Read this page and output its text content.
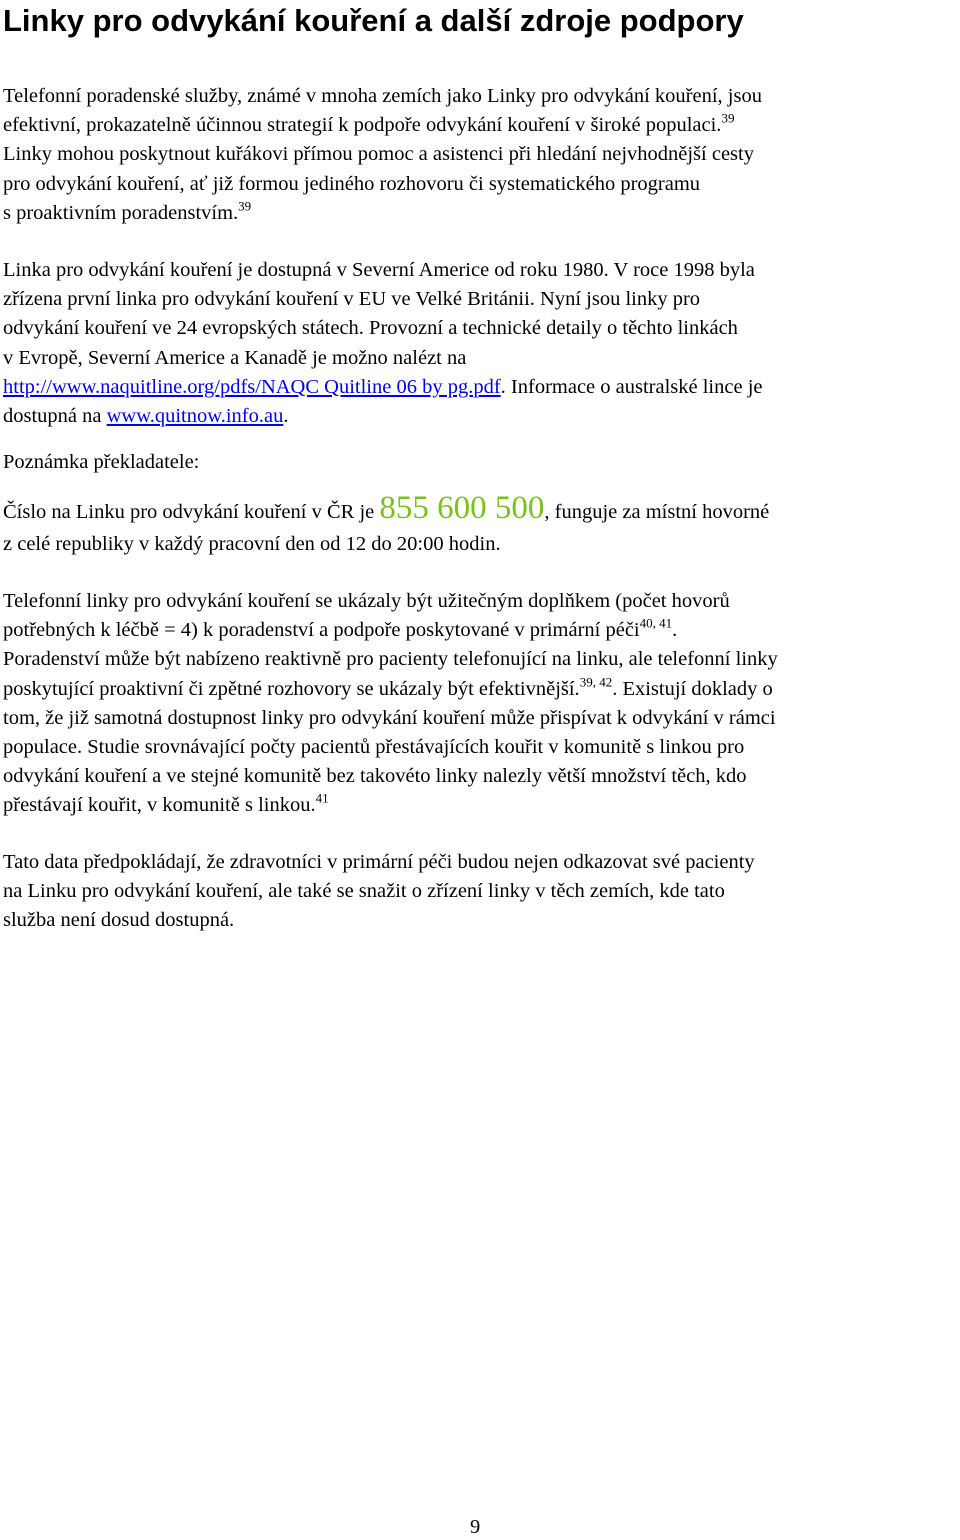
Linky pro odvykání kouření a další zdroje podpory
Telefonní poradenské služby, známé v mnoha zemích jako Linky pro odvykání kouření, jsou
efektivní, prokazatelně účinnou strategií k podpoře odvykání kouření v široké populaci.$^{39}$
Linky mohou poskytnout kuřákovi přímou pomoc a asistenci při hledání nejvhodnější cesty
pro odvykání kouření, ať již formou jediného rozhovoru či systematického programu
s proaktivním poradenstvím.$^{39}$
Linka pro odvykání kouření je dostupná v Severní Americe od roku 1980. V roce 1998 byla
zřízena první linka pro odvykání kouření v EU ve Velké Británii. Nyní jsou linky pro
odvykání kouření ve 24 evropských státech. Provozní a technické detaily o těchto linkách
v Evropě, Severní Americe a Kanadě je možno nalézt na
http://www.naquitline.org/pdfs/NAQC Quitline 06 by pg.pdf. Informace o australské lince je
dostupná na www.quitnow.info.au.
Poznámka překladatele:
Číslo na Linku pro odvykání kouření v ČR je 855 600 500, funguje za místní hovorné
z celé republiky v každý pracovní den od 12 do 20:00 hodin.
Telefonní linky pro odvykání kouření se ukázaly být užitečným doplňkem (počet hovorů
potřebných k léčbě = 4) k poradenství a podpoře poskytované v primární péči$^{40, 41}$.
Poradenství může být nabízeno reaktivně pro pacienty telefonující na linku, ale telefonní linky
poskytující proaktivní či zpětné rozhovory se ukázaly být efektivnější.$^{39, 42}$. Existují doklady o
tom, že již samotná dostupnost linky pro odvykání kouření může přispívat k odvykání v rámci
populace. Studie srovnávající počty pacientů přestávajících kouřit v komunitě s linkou pro
odvykání kouření a ve stejné komunitě bez takovéto linky nalezly větší množství těch, kdo
přestávají kouřit, v komunitě s linkou.$^{41}$
Tato data předpokládají, že zdravotníci v primární péči budou nejen odkazovat své pacienty
na Linku pro odvykání kouření, ale také se snažit o zřízení linky v těch zemích, kde tato
služba není dosud dostupná.
9
